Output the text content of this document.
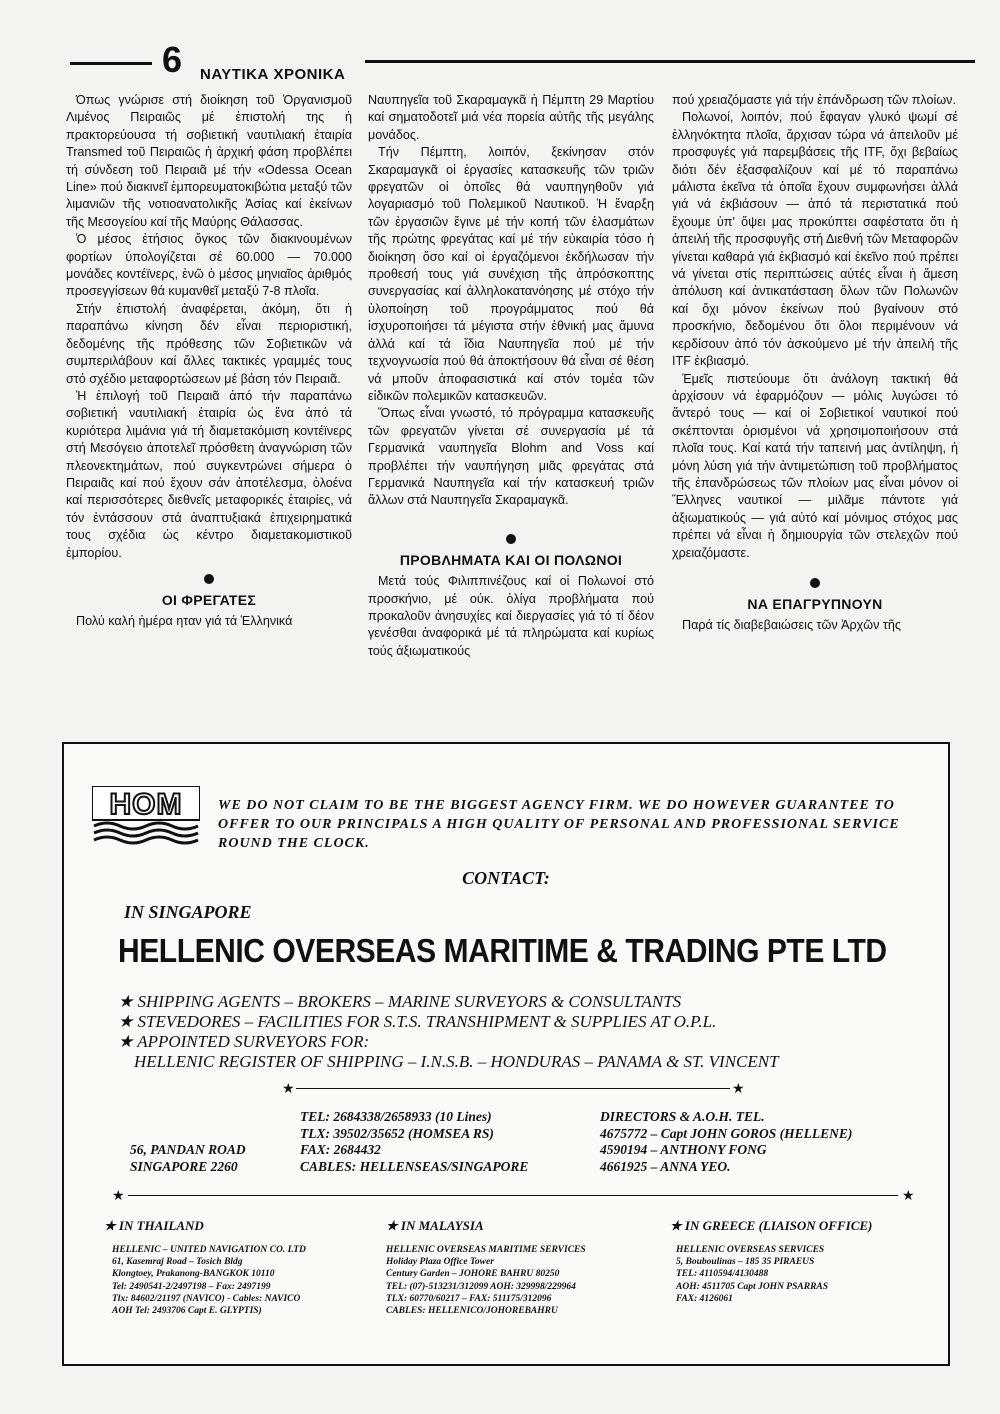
6 ΝΑΥΤΙΚΑ ΧΡΟΝΙΚΑ

Όπως γνώρισε στή διοίκηση τοῦ Ὀργανισμοῦ Λιμένος Πειραιῶς μέ ἐπιστολή της ἡ πρακτορεύουσα τή σοβιετική ναυτιλιακή ἑταιρία Transmed τοῦ Πειραιῶς ἡ ἀρχική φάση προβλέπει τή σύνδεση τοῦ Πειραιᾶ μέ τήν «Odessa Ocean Line» πού διακινεῖ ἐμπορευματοκιβώτια μεταξύ τῶν λιμανιῶν τῆς νοτιοανατολικῆς Ἀσίας καί ἐκείνων τῆς Μεσογείου καί τῆς Μαύρης Θάλασσας.

Ὁ μέσος ἐτήσιος ὄγκος τῶν διακινουμένων φορτίων ὑπολογίζεται σέ 60.000 — 70.000 μονάδες κοντέϊνερς, ἐνῶ ὁ μέσος μηνιαῖος ἀριθμός προσεγγίσεων θά κυμανθεῖ μεταξύ 7-8 πλοῖα.

Στήν ἐπιστολή ἀναφέρεται, ἀκόμη, ὅτι ἡ παραπάνω κίνηση δέν εἶναι περιοριστική, δεδομένης τῆς πρόθεσης τῶν Σοβιετικῶν νά συμπεριλάβουν καί ἄλλες τακτικές γραμμές τους στό σχέδιο μεταφορτώσεων μέ βάση τόν Πειραιᾶ.

Ἡ ἐπιλογή τοῦ Πειραιᾶ ἀπό τήν παραπάνω σοβιετική ναυτιλιακή ἑταιρία ὡς ἕνα ἀπό τά κυριότερα λιμάνια γιά τή διαμετακόμιση κοντέϊνερς στή Μεσόγειο ἀποτελεῖ πρόσθετη ἀναγνώριση τῶν πλεονεκτημάτων, πού συγκεντρώνει σήμερα ὁ Πειραιᾶς καί πού ἔχουν σάν ἀποτέλεσμα, ὁλοένα καί περισσότερες διεθνεῖς μεταφορικές ἑταιρίες, νά τόν ἐντάσσουν στά ἀναπτυξιακά ἐπιχειρηματικά τους σχέδια ὡς κέντρο διαμετακομιστικοῦ ἐμπορίου.

ΟΙ ΦΡΕΓΑΤΕΣ

Πολύ καλή ἡμέρα ηταν γιά τά Ἑλληνικά

Ναυπηγεῖα τοῦ Σκαραμαγκᾶ ἡ Πέμπτη 29 Μαρτίου καί σηματοδοτεῖ μιά νέα πορεία αὐτῆς τῆς μεγάλης μονάδος.

Τήν Πέμπτη, λοιπόν, ξεκίνησαν στόν Σκαραμαγκᾶ οἱ ἐργασίες κατασκευῆς τῶν τριῶν φρεγατῶν οἱ ὁποῖες θά ναυπηγηθοῦν γιά λογαριασμό τοῦ Πολεμικοῦ Ναυτικοῦ. Ἡ ἔναρξη τῶν ἐργασιῶν ἔγινε μέ τήν κοπή τῶν ἐλασμάτων τῆς πρώτης φρεγάτας καί μέ τήν εὐκαιρία τόσο ἡ διοίκηση ὅσο καί οἱ ἐργαζόμενοι ἐκδήλωσαν τήν προθεσή τους γιά συνέχιση τῆς ἀπρόσκοπτης συνεργασίας καί ἀλληλοκατανόησης μέ στόχο τήν ὑλοποίηση τοῦ προγράμματος πού θά ἰσχυροποιήσει τά μέγιστα στήν ἐθνική μας ἄμυνα ἀλλά καί τά ἴδια Ναυπηγεῖα πού μέ τήν τεχνογνωσία πού θά ἀποκτήσουν θά εἶναι σέ θέση νά μποῦν ἀποφασιστικά καί στόν τομέα τῶν εἰδικῶν πολεμικῶν κατασκευῶν.

Ὅπως εἶναι γνωστό, τό πρόγραμμα κατασκευῆς τῶν φρεγατῶν γίνεται σέ συνεργασία μέ τά Γερμανικά ναυπηγεῖα Blohm and Voss καί προβλέπει τήν ναυπήγηση μιᾶς φρεγάτας στά Γερμανικά Ναυπηγεῖα καί τήν κατασκευή τριῶν ἄλλων στά Ναυπηγεῖα Σκαραμαγκᾶ.

ΠΡΟΒΛΗΜΑΤΑ ΚΑΙ ΟΙ ΠΟΛΩΝΟΙ

Μετά τούς Φιλιππινέζους καί οἱ Πολωνοί στό προσκήνιο, μέ ούκ. ὀλίγα προβλήματα πού προκαλοῦν ἀνησυχίες καί διεργασίες γιά τό τί δέον γενέσθαι ἀναφορικά μέ τά πληρώματα καί κυρίως τούς ἀξιωματικούς

πού χρειαζόμαστε γιά τήν ἐπάνδρωση τῶν πλοίων.

Πολωνοί, λοιπόν, πού ἔφαγαν γλυκό ψωμί σέ ἑλληνόκτητα πλοῖα, ἄρχισαν τώρα νά ἀπειλοῦν μέ προσφυγές γιά παρεμβάσεις τῆς ITF, ὄχι βεβαίως διότι δέν ἐξασφαλίζουν καί μέ τό παραπάνω μάλιστα ἐκεῖνα τά ὁποῖα ἔχουν συμφωνήσει ἀλλά γιά νά ἐκβιάσουν — ἀπό τά περιστατικά πού ἔχουμε ὑπ' ὄψει μας προκύπτει σαφέστατα ὅτι ἡ ἀπειλή τῆς προσφυγῆς στή Διεθνή τῶν Μεταφορῶν γίνεται καθαρά γιά ἐκβιασμό καί ἐκεῖνο πού πρέπει νά γίνεται στίς περιπτώσεις αὐτές εἶναι ἡ ἄμεση ἀπόλυση καί ἀντικατάσταση ὅλων τῶν Πολωνῶν καί ὄχι μόνον ἐκείνων πού βγαίνουν στό προσκήνιο, δεδομένου ὅτι ὅλοι περιμένουν νά κερδίσουν ἀπό τόν ἀσκούμενο μέ τήν ἀπειλή τῆς ITF ἐκβιασμό.

Ἐμεῖς πιστεύουμε ὅτι ἀνάλογη τακτική θά ἀρχίσουν νά ἐφαρμόζουν — μόλις λυγώσει τό ἄντερό τους — καί οἱ Σοβιετικοί ναυτικοί πού σκέπτονται ὁρισμένοι νά χρησιμοποιήσουν στά πλοῖα τους. Καί κατά τήν ταπεινή μας ἀντίληψη, ἡ μόνη λύση γιά τήν ἀντιμετώπιση τοῦ προβλήματος τῆς ἐπανδρώσεως τῶν πλοίων μας εἶναι μόνον οἱ Ἕλληνες ναυτικοί — μιλᾶμε πάντοτε γιά ἀξιωματικούς — γιά αὐτό καί μόνιμος στόχος μας πρέπει νά εἶναι ἡ δημιουργία τῶν στελεχῶν πού χρειαζόμαστε.

ΝΑ ΕΠΑΓΡΥΠΝΟΥΝ

Παρά τίς διαβεβαιώσεις τῶν Ἀρχῶν τῆς

HOM	WE DO NOT CLAIM TO BE THE BIGGEST AGENCY FIRM. WE DO HOWEVER GUARANTEE TO OFFER TO OUR PRINCIPALS A HIGH QUALITY OF PERSONAL AND PROFESSIONAL SERVICE ROUND THE CLOCK.
CONTACT:
IN SINGAPORE
HELLENIC OVERSEAS MARITIME & TRADING PTE LTD
★ SHIPPING AGENTS – BROKERS – MARINE SURVEYORS & CONSULTANTS
★ STEVEDORES – FACILITIES FOR S.T.S. TRANSHIPMENT & SUPPLIES AT O.P.L.
★ APPOINTED SURVEYORS FOR:
HELLENIC REGISTER OF SHIPPING – I.N.S.B. – HONDURAS – PANAMA & ST. VINCENT
★	★
TEL: 2684338/2658933 (10 Lines)
TLX: 39502/35652 (HOMSEA RS)
FAX: 2684432
CABLES: HELLENSEAS/SINGAPORE
56, PANDAN ROAD
SINGAPORE 2260
DIRECTORS & A.O.H. TEL.
4675772 – Capt JOHN GOROS (HELLENE)
4590194 – ANTHONY FONG
4661925 – ANNA YEO.
★	★
★ IN THAILAND
HELLENIC – UNITED NAVIGATION CO. LTD
61, Kasemraj Road – Tosich Bldg
Klongtoey, Prakanong-BANGKOK 10110
Tel: 2490541-2/2497198 – Fax: 2497199
Tlx: 84602/21197 (NAVICO) - Cables: NAVICO
AOH Tel: 2493706 Capt E. GLYPTIS)
★ IN MALAYSIA
HELLENIC OVERSEAS MARITIME SERVICES
Holiday Plaza Office Tower
Century Garden – JOHORE BAHRU 80250
TEL: (07)-513231/312099 AOH: 329998/229964
TLX: 60770/60217 – FAX: 511175/312096
CABLES: HELLENICO/JOHOREBAHRU
★ IN GREECE (LIAISON OFFICE)
HELLENIC OVERSEAS SERVICES
5, Bouboulinas – 185 35 PIRAEUS
TEL: 4110594/4130488
AOH: 4511705 Capt JOHN PSARRAS
FAX: 4126061
